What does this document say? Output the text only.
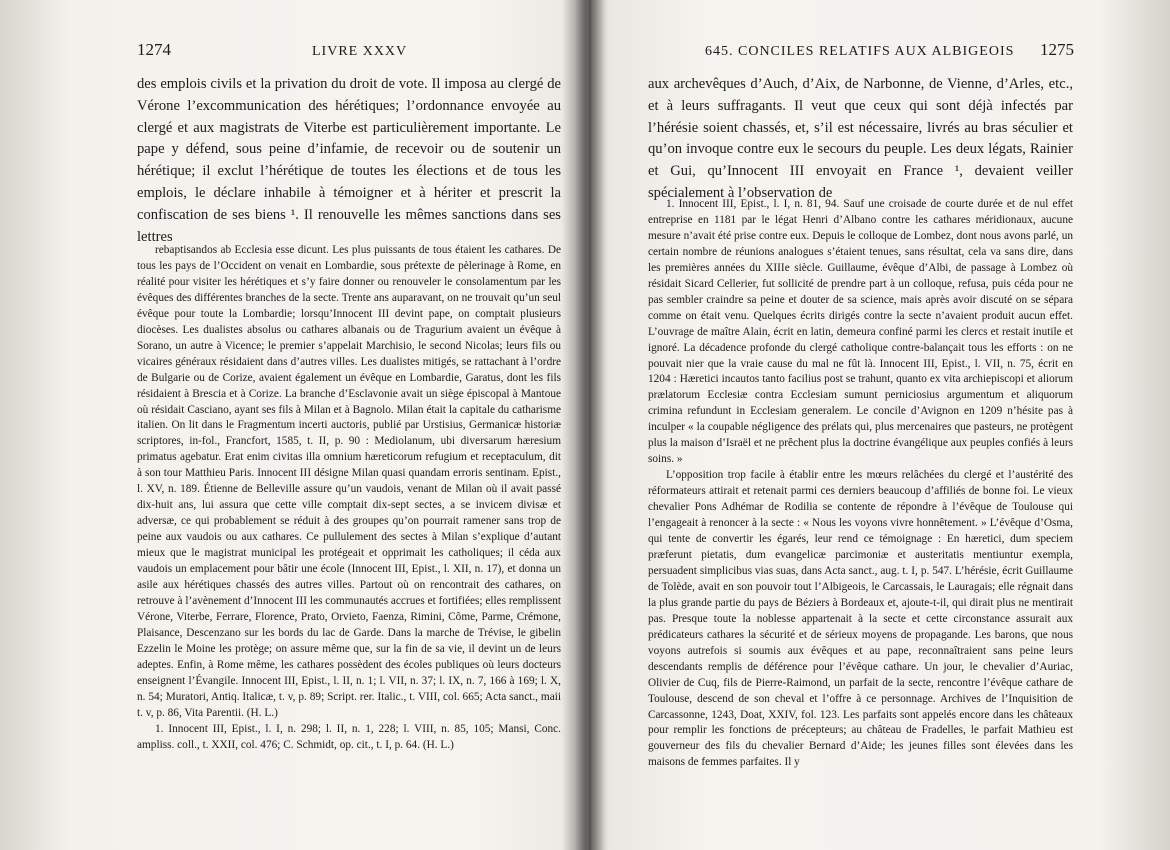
1274	LIVRE XXXV

des emplois civils et la privation du droit de vote. Il imposa au clergé de Vérone l’excommunication des hérétiques; l’ordonnance envoyée au clergé et aux magistrats de Viterbe est particulièrement importante. Le pape y défend, sous peine d’infamie, de recevoir ou de soutenir un hérétique; il exclut l’hérétique de toutes les élections et de tous les emplois, le déclare inhabile à témoigner et à hériter et prescrit la confiscation de ses biens ¹. Il renouvelle les mêmes sanctions dans ses lettres

rebaptisandos ab Ecclesia esse dicunt. Les plus puissants de tous étaient les cathares. De tous les pays de l’Occident on venait en Lombardie, sous prétexte de pèlerinage à Rome, en réalité pour visiter les hérétiques et s’y faire donner ou renouveler le consolamentum par les évêques des différentes branches de la secte. Trente ans auparavant, on ne trouvait qu’un seul évêque pour toute la Lombardie; lorsqu’Innocent III devint pape, on comptait plusieurs diocèses. Les dualistes absolus ou cathares albanais ou de Tragurium avaient un évêque à Sorano, un autre à Vicence; le premier s’appelait Marchisio, le second Nicolas; leurs fils ou vicaires généraux résidaient dans d’autres villes. Les dualistes mitigés, se rattachant à l’ordre de Bulgarie ou de Corize, avaient également un évêque en Lombardie, Garatus, dont les fils résidaient à Brescia et à Corize. La branche d’Esclavonie avait un siège épiscopal à Mantoue où résidait Casciano, ayant ses fils à Milan et à Bagnolo. Milan était la capitale du catharisme italien. On lit dans le Fragmentum incerti auctoris, publié par Urstisius, Germanicæ historiæ scriptores, in-fol., Francfort, 1585, t. II, p. 90 : Mediolanum, ubi diversarum hæresium primatus agebatur. Erat enim civitas illa omnium hæreticorum refugium et receptaculum, dit à son tour Matthieu Paris. Innocent III désigne Milan quasi quandam erroris sentinam. Epist., l. XV, n. 189. Étienne de Belleville assure qu’un vaudois, venant de Milan où il avait passé dix-huit ans, lui assura que cette ville comptait dix-sept sectes, a se invicem divisæ et adversæ, ce qui probablement se réduit à des groupes qu’on pourrait ramener sans trop de peine aux vaudois ou aux cathares. Ce pullulement des sectes à Milan s’explique d’autant mieux que le magistrat municipal les protégeait et opprimait les catholiques; il céda aux vaudois un emplacement pour bâtir une école (Innocent III, Epist., l. XII, n. 17), et donna un asile aux hérétiques chassés des autres villes. Partout où on rencontrait des cathares, on retrouve à l’avènement d’Innocent III les communautés accrues et fortifiées; elles remplissent Vérone, Viterbe, Ferrare, Florence, Prato, Orvieto, Faenza, Rimini, Côme, Parme, Crémone, Plaisance, Descenzano sur les bords du lac de Garde. Dans la marche de Trévise, le gibelin Ezzelin le Moine les protège; on assure même que, sur la fin de sa vie, il devint un de leurs adeptes. Enfin, à Rome même, les cathares possèdent des écoles publiques où leurs docteurs enseignent l’Évangile. Innocent III, Epist., l. II, n. 1; l. VII, n. 37; l. IX, n. 7, 166 à 169; l. X, n. 54; Muratori, Antiq. Italicæ, t. v, p. 89; Script. rer. Italic., t. VIII, col. 665; Acta sanct., maii t. v, p. 86, Vita Parentii. (H. L.)

1. Innocent III, Epist., l. I, n. 298; l. II, n. 1, 228; l. VIII, n. 85, 105; Mansi, Conc. ampliss. coll., t. XXII, col. 476; C. Schmidt, op. cit., t. I, p. 64. (H. L.)

645. CONCILES RELATIFS AUX ALBIGEOIS 1275

aux archevêques d’Auch, d’Aix, de Narbonne, de Vienne, d’Arles, etc., et à leurs suffragants. Il veut que ceux qui sont déjà infectés par l’hérésie soient chassés, et, s’il est nécessaire, livrés au bras séculier et qu’on invoque contre eux le secours du peuple. Les deux légats, Rainier et Gui, qu’Innocent III envoyait en France ¹, devaient veiller spécialement à l’observation de

1. Innocent III, Epist., l. I, n. 81, 94. Sauf une croisade de courte durée et de nul effet entreprise en 1181 par le légat Henri d’Albano contre les cathares méridionaux, aucune mesure n’avait été prise contre eux. Depuis le colloque de Lombez, dont nous avons parlé, un certain nombre de réunions analogues s’étaient tenues, sans résultat, cela va sans dire, dans les premières années du XIIIe siècle. Guillaume, évêque d’Albi, de passage à Lombez où résidait Sicard Cellerier, fut sollicité de prendre part à un colloque, refusa, puis céda pour ne pas sembler craindre sa peine et douter de sa science, mais après avoir discuté on se sépara comme on était venu. Quelques écrits dirigés contre la secte n’avaient produit aucun effet. L’ouvrage de maître Alain, écrit en latin, demeura confiné parmi les clercs et restait inutile et ignoré. La décadence profonde du clergé catholique contre-balançait tous les efforts : on ne pouvait nier que la vraie cause du mal ne fût là. Innocent III, Epist., l. VII, n. 75, écrit en 1204 : Hæretici incautos tanto facilius post se trahunt, quanto ex vita archiepiscopi et aliorum prælatorum Ecclesiæ contra Ecclesiam sumunt perniciosius argumentum et aliquorum crimina refundunt in Ecclesiam generalem. Le concile d’Avignon en 1209 n’hésite pas à inculper « la coupable négligence des prélats qui, plus mercenaires que pasteurs, ne protègent plus la maison d’Israël et ne prêchent plus la doctrine évangélique aux peuples confiés à leurs soins. »

L’opposition trop facile à établir entre les mœurs relâchées du clergé et l’austérité des réformateurs attirait et retenait parmi ces derniers beaucoup d’affiliés de bonne foi. Le vieux chevalier Pons Adhémar de Rodilia se contente de répondre à l’évêque de Toulouse qui l’engageait à renoncer à la secte : « Nous les voyons vivre honnêtement. » L’évêque d’Osma, qui tente de convertir les égarés, leur rend ce témoignage : En hæretici, dum speciem præferunt pietatis, dum evangelicæ parcimoniæ et austeritatis mentiuntur exempla, persuadent simplicibus vias suas, dans Acta sanct., aug. t. I, p. 547. L’hérésie, écrit Guillaume de Tolède, avait en son pouvoir tout l’Albigeois, le Carcassais, le Lauragais; elle régnait dans la plus grande partie du pays de Béziers à Bordeaux et, ajoute-t-il, qui dirait plus ne mentirait pas. Presque toute la noblesse appartenait à la secte et cette circonstance assurait aux prédicateurs cathares la sécurité et de sérieux moyens de propagande. Les barons, que nous voyons autrefois si soumis aux évêques et au pape, reconnaîtraient sans peine leurs descendants remplis de déférence pour l’évêque cathare. Un jour, le chevalier d’Auriac, Olivier de Cuq, fils de Pierre-Raimond, un parfait de la secte, rencontre l’évêque cathare de Toulouse, descend de son cheval et l’offre à ce personnage. Archives de l’Inquisition de Carcassonne, 1243, Doat, XXIV, fol. 123. Les parfaits sont appelés encore dans les châteaux pour remplir les fonctions de précepteurs; au château de Fradelles, le parfait Mathieu est gouverneur des fils du chevalier Bernard d’Aide; les jeunes filles sont élevées dans les maisons de femmes parfaites. Il y
